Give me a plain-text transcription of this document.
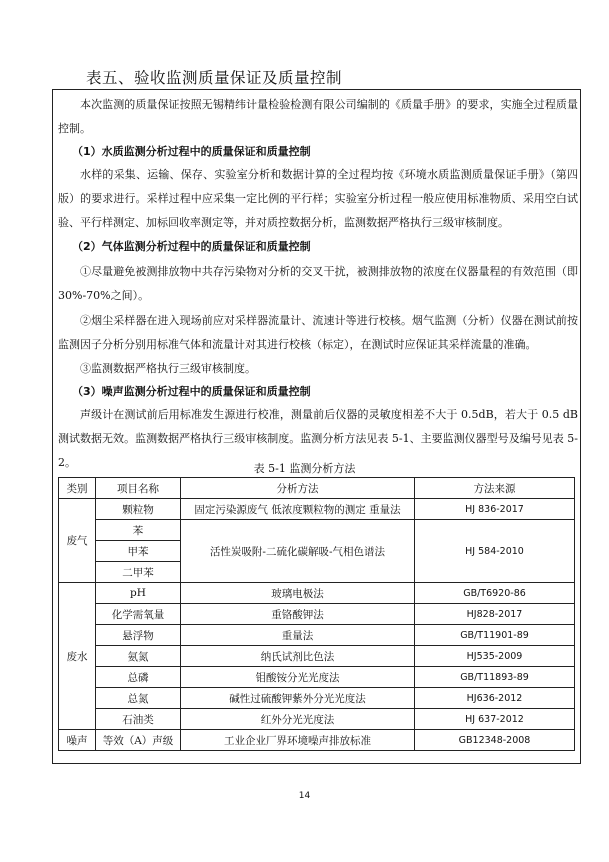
表五、验收监测质量保证及质量控制

本次监测的质量保证按照无锡精纬计量检验检测有限公司编制的《质量手册》的要求，实施全过程质量控制。

（1）水质监测分析过程中的质量保证和质量控制

水样的采集、运输、保存、实验室分析和数据计算的全过程均按《环境水质监测质量保证手册》（第四版）的要求进行。采样过程中应采集一定比例的平行样；实验室分析过程一般应使用标准物质、采用空白试验、平行样测定、加标回收率测定等，并对质控数据分析，监测数据严格执行三级审核制度。

（2）气体监测分析过程中的质量保证和质量控制

①尽量避免被测排放物中共存污染物对分析的交叉干扰，被测排放物的浓度在仪器量程的有效范围（即30%-70%之间）。

②烟尘采样器在进入现场前应对采样器流量计、流速计等进行校核。烟气监测（分析）仪器在测试前按监测因子分析分别用标准气体和流量计对其进行校核（标定），在测试时应保证其采样流量的准确。

③监测数据严格执行三级审核制度。

（3）噪声监测分析过程中的质量保证和质量控制

声级计在测试前后用标准发生源进行校准，测量前后仪器的灵敏度相差不大于 0.5dB，若大于 0.5 dB 测试数据无效。监测数据严格执行三级审核制度。监测分析方法见表 5-1、主要监测仪器型号及编号见表 5-2。	表 5-1 监测分析方法
类别	项目名称	分析方法	方法来源
废气	颗粒物	固定污染源废气 低浓度颗粒物的测定 重量法	HJ 836-2017
	苯	活性炭吸附-二硫化碳解吸-气相色谱法	HJ 584-2010
	甲苯		
	二甲苯		
废水	pH	玻璃电极法	GB/T6920-86
	化学需氧量	重铬酸钾法	HJ828-2017
	悬浮物	重量法	GB/T11901-89
	氨氮	纳氏试剂比色法	HJ535-2009
	总磷	钼酸铵分光光度法	GB/T11893-89
	总氮	碱性过硫酸钾紫外分光光度法	HJ636-2012
	石油类	红外分光光度法	HJ 637-2012
噪声	等效（A）声级	工业企业厂界环境噪声排放标准	GB12348-2008
14
